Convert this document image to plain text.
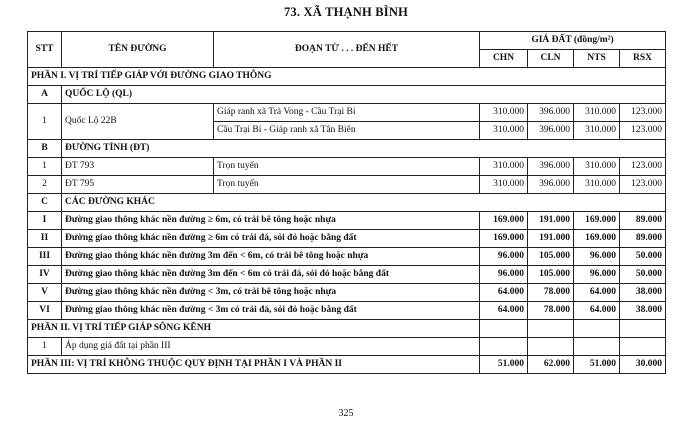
73. XÃ THẠNH BÌNH
STT	TÊN ĐƯỜNG	ĐOẠN TỪ . . . ĐẾN HẾT	GIÁ ĐẤT (đồng/m²)			
			CHN	CLN	NTS	RSX
PHẦN I. VỊ TRÍ TIẾP GIÁP VỚI ĐƯỜNG GIAO THÔNG						
A	QUỐC LỘ (QL)					
1	Quốc Lộ 22B	Giáp ranh xã Trà Vong - Cầu Trại Bí	310.000	396.000	310.000	123.000
		Cầu Trại Bí - Giáp ranh xã Tân Biên	310.000	396.000	310.000	123.000
B	ĐƯỜNG TỈNH (ĐT)					
1	ĐT 793	Trọn tuyến	310.000	396.000	310.000	123.000
2	ĐT 795	Trọn tuyến	310.000	396.000	310.000	123.000
C	CÁC ĐƯỜNG KHÁC					
I	Đường giao thông khác nền đường ≥ 6m, có trải bê tông hoặc nhựa		169.000	191.000	169.000	89.000
II	Đường giao thông khác nền đường ≥ 6m có trải đá, sỏi đỏ hoặc bằng đất		169.000	191.000	169.000	89.000
III	Đường giao thông khác nền đường 3m đến < 6m, có trải bê tông hoặc nhựa		96.000	105.000	96.000	50.000
IV	Đường giao thông khác nền đường 3m đến < 6m có trải đá, sỏi đỏ hoặc bằng đất		96.000	105.000	96.000	50.000
V	Đường giao thông khác nền đường < 3m, có trải bê tông hoặc nhựa		64.000	78.000	64.000	38.000
VI	Đường giao thông khác nền đường < 3m có trải đá, sỏi đỏ hoặc bằng đất		64.000	78.000	64.000	38.000
PHẦN II. VỊ TRÍ TIẾP GIÁP SÔNG KÊNH						
1	Áp dụng giá đất tại phần III					
PHẦN III: VỊ TRÍ KHÔNG THUỘC QUY ĐỊNH TẠI PHẦN I VÀ PHẦN II			51.000	62.000	51.000	30.000
325
